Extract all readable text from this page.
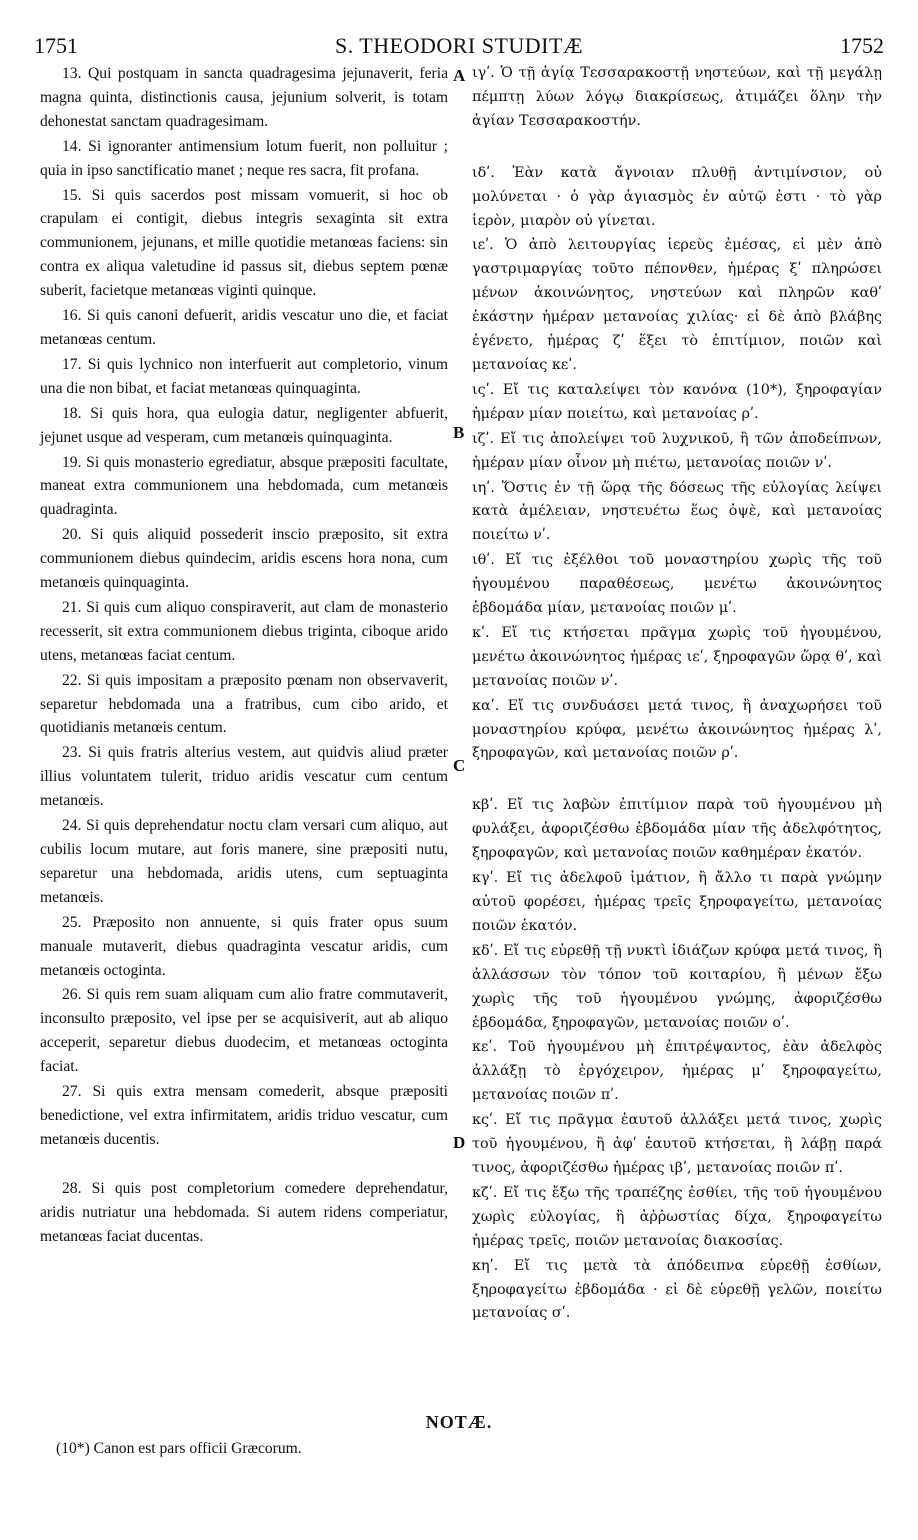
1751	S. THEODORI STUDITÆ	1752
A
B
C
D

13. Qui postquam in sancta quadragesima jejunaverit, feria magna quinta, distinctionis causa, jejunium solverit, is totam dehonestat sanctam quadragesimam.

14. Si ignoranter antimensium lotum fuerit, non polluitur ; quia in ipso sanctificatio manet ; neque res sacra, fit profana.

15. Si quis sacerdos post missam vomuerit, si hoc ob crapulam ei contigit, diebus integris sexaginta sit extra communionem, jejunans, et mille quotidie metanœas faciens: sin contra ex aliqua valetudine id passus sit, diebus septem pœnæ suberit, facietque metanœas viginti quinque.

16. Si quis canoni defuerit, aridis vescatur uno die, et faciat metanœas centum.

17. Si quis lychnico non interfuerit aut completorio, vinum una die non bibat, et faciat metanœas quinquaginta.

18. Si quis hora, qua eulogia datur, negligenter abfuerit, jejunet usque ad vesperam, cum metanœis quinquaginta.

19. Si quis monasterio egrediatur, absque præpositi facultate, maneat extra communionem una hebdomada, cum metanœis quadraginta.

20. Si quis aliquid possederit inscio præposito, sit extra communionem diebus quindecim, aridis escens hora nona, cum metanœis quinquaginta.

21. Si quis cum aliquo conspiraverit, aut clam de monasterio recesserit, sit extra communionem diebus triginta, ciboque arido utens, metanœas faciat centum.

22. Si quis impositam a præposito pœnam non observaverit, separetur hebdomada una a fratribus, cum cibo arido, et quotidianis metanœis centum.

23. Si quis fratris alterius vestem, aut quidvis aliud præter illius voluntatem tulerit, triduo aridis vescatur cum centum metanœis.

24. Si quis deprehendatur noctu clam versari cum aliquo, aut cubilis locum mutare, aut foris manere, sine præpositi nutu, separetur una hebdomada, aridis utens, cum septuaginta metanœis.

25. Præposito non annuente, si quis frater opus suum manuale mutaverit, diebus quadraginta vescatur aridis, cum metanœis octoginta.

26. Si quis rem suam aliquam cum alio fratre commutaverit, inconsulto præposito, vel ipse per se acquisiverit, aut ab aliquo acceperit, separetur diebus duodecim, et metanœas octoginta faciat.

27. Si quis extra mensam comederit, absque præpositi benedictione, vel extra infirmitatem, aridis triduo vescatur, cum metanœis ducentis.

28. Si quis post completorium comedere deprehendatur, aridis nutriatur una hebdomada. Si autem ridens comperiatur, metanœas faciat ducentas.

ιγʹ. Ὁ τῇ ἁγίᾳ Τεσσαρακοστῇ νηστεύων, καὶ τῇ μεγάλῃ πέμπτῃ λύων λόγῳ διακρίσεως, ἀτιμάζει ὅλην τὴν ἁγίαν Τεσσαρακοστήν.

ιδʹ. Ἐὰν κατὰ ἄγνοιαν πλυθῇ ἀντιμίνσιον, οὐ μολύνεται · ὁ γὰρ ἁγιασμὸς ἐν αὐτῷ ἐστι · τὸ γὰρ ἱερὸν, μιαρὸν οὐ γίνεται.

ιεʹ. Ὁ ἀπὸ λειτουργίας ἱερεὺς ἐμέσας, εἰ μὲν ἀπὸ γαστριμαργίας τοῦτο πέπονθεν, ἡμέρας ξʹ πληρώσει μένων ἀκοινώνητος, νηστεύων καὶ πληρῶν καθʹ ἑκάστην ἡμέραν μετανοίας χιλίας· εἰ δὲ ἀπὸ βλάβης ἐγένετο, ἡμέρας ζʹ ἕξει τὸ ἐπιτίμιον, ποιῶν καὶ μετανοίας κεʹ.

ιςʹ. Εἴ τις καταλείψει τὸν κανόνα (10*), ξηροφαγίαν ἡμέραν μίαν ποιείτω, καὶ μετανοίας ρʹ.

ιζʹ. Εἴ τις ἀπολείψει τοῦ λυχνικοῦ, ἢ τῶν ἀποδείπνων, ἡμέραν μίαν οἶνον μὴ πιέτω, μετανοίας ποιῶν νʹ.

ιηʹ. Ὅστις ἐν τῇ ὥρᾳ τῆς δόσεως τῆς εὐλογίας λείψει κατὰ ἀμέλειαν, νηστευέτω ἕως ὀψὲ, καὶ μετανοίας ποιείτω νʹ.

ιθʹ. Εἴ τις ἐξέλθοι τοῦ μοναστηρίου χωρὶς τῆς τοῦ ἡγουμένου παραθέσεως, μενέτω ἀκοινώνητος ἑβδομάδα μίαν, μετανοίας ποιῶν μʹ.

κʹ. Εἴ τις κτήσεται πρᾶγμα χωρὶς τοῦ ἡγουμένου, μενέτω ἀκοινώνητος ἡμέρας ιεʹ, ξηροφαγῶν ὥρᾳ θʹ, καὶ μετανοίας ποιῶν νʹ.

καʹ. Εἴ τις συνδυάσει μετά τινος, ἢ ἀναχωρήσει τοῦ μοναστηρίου κρύφα, μενέτω ἀκοινώνητος ἡμέρας λʹ, ξηροφαγῶν, καὶ μετανοίας ποιῶν ρʹ.

κβʹ. Εἴ τις λαβὼν ἐπιτίμιον παρὰ τοῦ ἡγουμένου μὴ φυλάξει, ἀφοριζέσθω ἑβδομάδα μίαν τῆς ἀδελφότητος, ξηροφαγῶν, καὶ μετανοίας ποιῶν καθημέραν ἑκατόν.

κγʹ. Εἴ τις ἀδελφοῦ ἱμάτιον, ἢ ἄλλο τι παρὰ γνώμην αὐτοῦ φορέσει, ἡμέρας τρεῖς ξηροφαγείτω, μετανοίας ποιῶν ἑκατόν.

κδʹ. Εἴ τις εὑρεθῇ τῇ νυκτὶ ἰδιάζων κρύφα μετά τινος, ἢ ἀλλάσσων τὸν τόπον τοῦ κοιταρίου, ἢ μένων ἔξω χωρὶς τῆς τοῦ ἡγουμένου γνώμης, ἀφοριζέσθω ἑβδομάδα, ξηροφαγῶν, μετανοίας ποιῶν οʹ.

κεʹ. Τοῦ ἡγουμένου μὴ ἐπιτρέψαντος, ἐὰν ἀδελφὸς ἀλλάξῃ τὸ ἐργόχειρον, ἡμέρας μʹ ξηροφαγείτω, μετανοίας ποιῶν πʹ.

κςʹ. Εἴ τις πρᾶγμα ἑαυτοῦ ἀλλάξει μετά τινος, χωρὶς τοῦ ἡγουμένου, ἢ ἀφʹ ἑαυτοῦ κτήσεται, ἢ λάβῃ παρά τινος, ἀφοριζέσθω ἡμέρας ιβʹ, μετανοίας ποιῶν πʹ.

κζʹ. Εἴ τις ἔξω τῆς τραπέζης ἐσθίει, τῆς τοῦ ἡγουμένου χωρὶς εὐλογίας, ἢ ἀῤῥωστίας δίχα, ξηροφαγείτω ἡμέρας τρεῖς, ποιῶν μετανοίας διακοσίας.

κηʹ. Εἴ τις μετὰ τὰ ἀπόδειπνα εὑρεθῇ ἐσθίων, ξηροφαγείτω ἑβδομάδα · εἰ δὲ εὑρεθῇ γελῶν, ποιείτω μετανοίας σʹ.

NOTÆ.
(10*) Canon est pars officii Græcorum.
